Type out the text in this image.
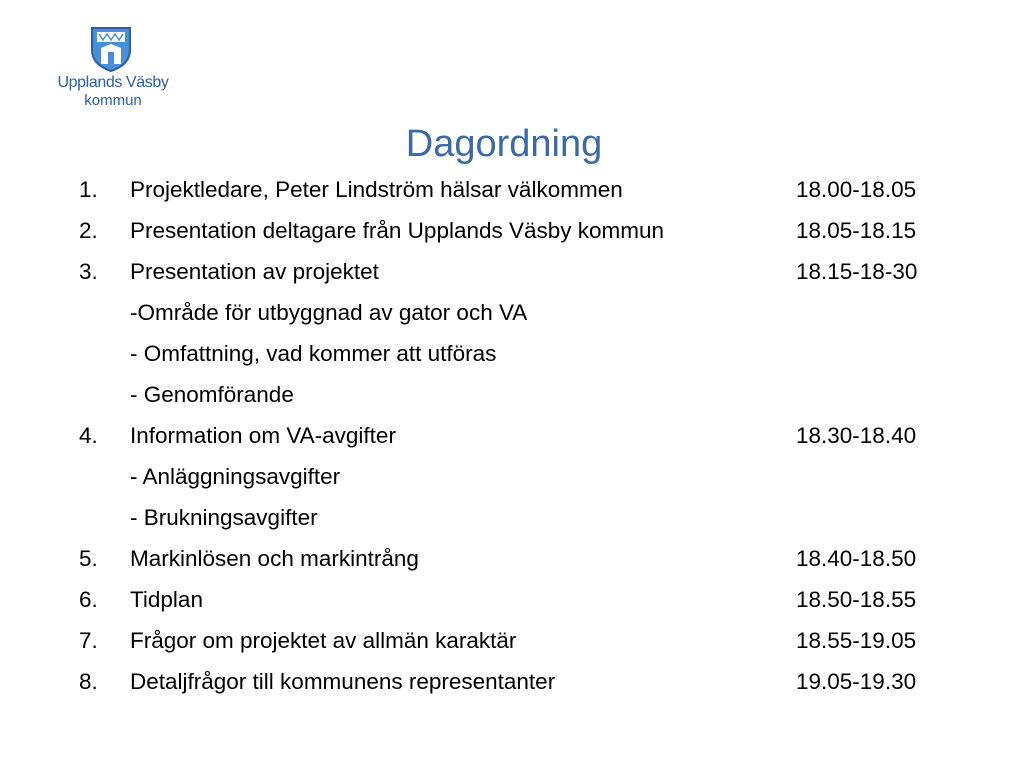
Upplands Väsby
kommun
Dagordning
1. Projektledare, Peter Lindström hälsar välkommen	18.00-18.05
2. Presentation deltagare från Upplands Väsby kommun	18.05-18.15
3. Presentation av projektet	18.15-18-30
-Område för utbyggnad av gator och VA
- Omfattning, vad kommer att utföras
- Genomförande
4. Information om VA-avgifter	18.30-18.40
- Anläggningsavgifter
- Brukningsavgifter
5. Markinlösen och markintrång	18.40-18.50
6. Tidplan	18.50-18.55
7. Frågor om projektet av allmän karaktär	18.55-19.05
8. Detaljfrågor till kommunens representanter	19.05-19.30
